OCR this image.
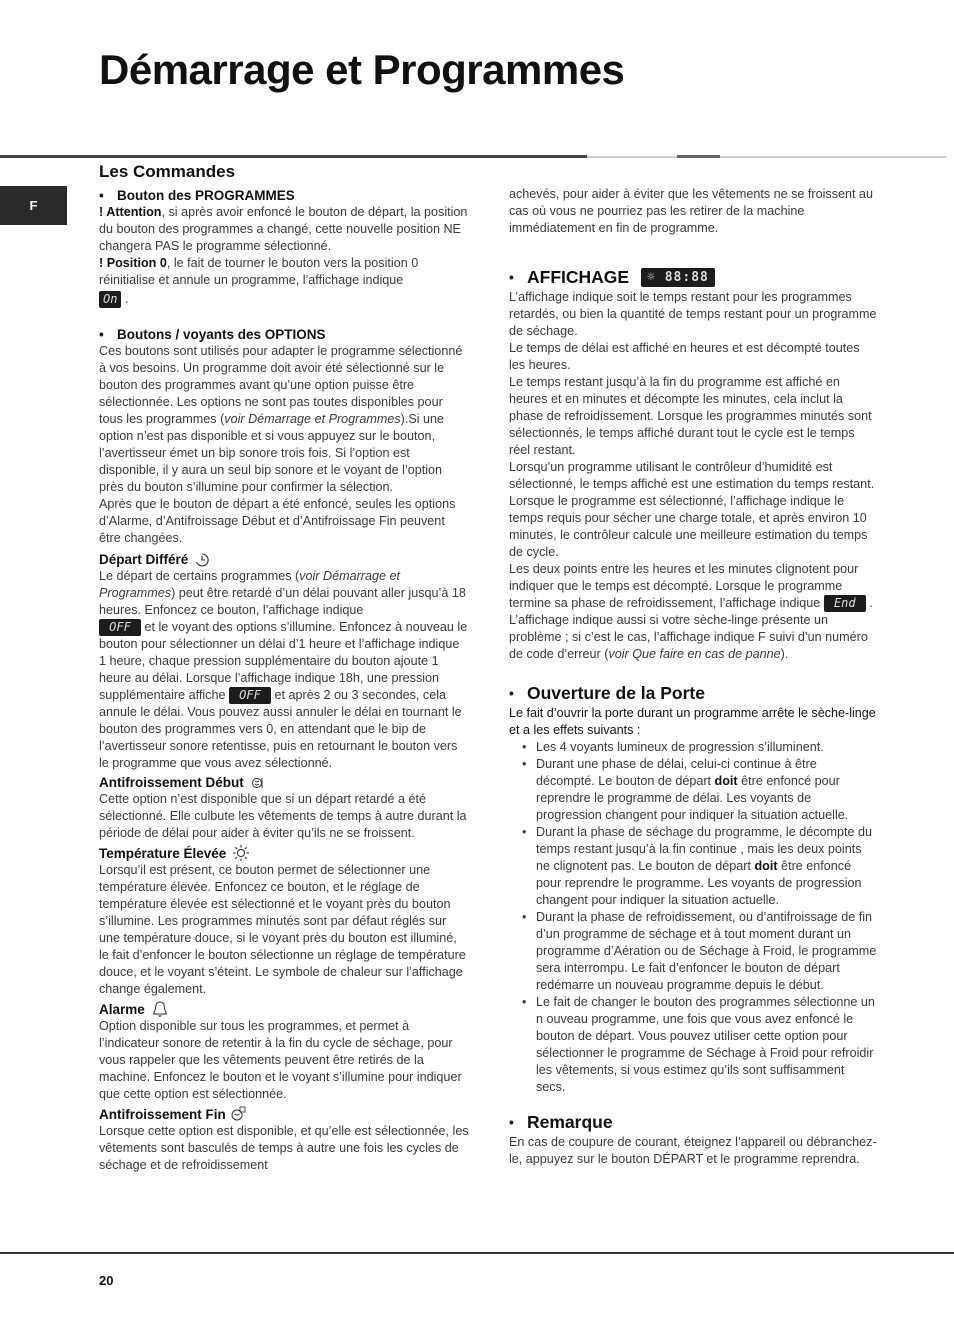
Démarrage et Programmes
F
Les Commandes

• Bouton des PROGRAMMES

! Attention, si après avoir enfoncé le bouton de départ, la position du bouton des programmes a changé, cette nouvelle position NE changera PAS le programme sélectionné.

! Position 0, le fait de tourner le bouton vers la position 0 réinitialise et annule un programme, l’affichage indique
On .

• Boutons / voyants des OPTIONS

Ces boutons sont utilisés pour adapter le programme sélectionné à vos besoins. Un programme doit avoir été sélectionné sur le bouton des programmes avant qu’une option puisse être sélectionnée. Les options ne sont pas toutes disponibles pour tous les programmes (voir Démarrage et Programmes).Si une option n’est pas disponible et si vous appuyez sur le bouton, l’avertisseur émet un bip sonore trois fois. Si l’option est disponible, il y aura un seul bip sonore et le voyant de l’option près du bouton s’illumine pour confirmer la sélection.

Après que le bouton de départ a été enfoncé, seules les options d’Alarme, d’Antifroissage Début et d’Antifroissage Fin peuvent être changées.

Départ Différé

Le départ de certains programmes (voir Démarrage et Programmes) peut être retardé d’un délai pouvant aller jusqu’à 18 heures. Enfoncez ce bouton, l’affichage indique
OFF et le voyant des options s’illumine. Enfoncez à nouveau le bouton pour sélectionner un délai d’1 heure et l’affichage indique 1 heure, chaque pression supplémentaire du bouton ajoute 1 heure au délai. Lorsque l’affichage indique 18h, une pression supplémentaire affiche OFF et après 2 ou 3 secondes, cela annule le délai. Vous pouvez aussi annuler le délai en tournant le bouton des programmes vers 0, en attendant que le bip de l’avertisseur sonore retentisse, puis en retournant le bouton vers le programme que vous avez sélectionné.

Antifroissement Début

Cette option n’est disponible que si un départ retardé a été sélectionné. Elle culbute les vêtements de temps à autre durant la période de délai pour aider à éviter qu’ils ne se froissent.

Température Élevée

Lorsqu’il est présent, ce bouton permet de sélectionner une température élevée. Enfoncez ce bouton, et le réglage de température élevée est sélectionné et le voyant près du bouton s’illumine. Les programmes minutés sont par défaut réglés sur une température douce, si le voyant près du bouton est illuminé, le fait d’enfoncer le bouton sélectionne un réglage de température douce, et le voyant s’éteint. Le symbole de chaleur sur l’affichage change également.

Alarme

Option disponible sur tous les programmes, et permet à l’indicateur sonore de retentir à la fin du cycle de séchage, pour vous rappeler que les vêtements peuvent être retirés de la machine. Enfoncez le bouton et le voyant s’illumine pour indiquer que cette option est sélectionnée.

Antifroissement Fin

Lorsque cette option est disponible, et qu’elle est sélectionnée, les vêtements sont basculés de temps à autre une fois les cycles de séchage et de refroidissement

achevés, pour aider à éviter que les vêtements ne se froissent au cas où vous ne pourriez pas les retirer de la machine immédiatement en fin de programme.

• AFFICHAGE	☼ 88:88

L’affichage indique soit le temps restant pour les programmes retardés, ou bien la quantité de temps restant pour un programme de séchage.

Le temps de délai est affiché en heures et est décompté toutes les heures.

Le temps restant jusqu’à la fin du programme est affiché en heures et en minutes et décompte les minutes, cela inclut la phase de refroidissement. Lorsque les programmes minutés sont sélectionnés, le temps affiché durant tout le cycle est le temps réel restant.

Lorsqu’un programme utilisant le contrôleur d’humidité est sélectionné, le temps affiché est une estimation du temps restant. Lorsque le programme est sélectionné, l’affichage indique le temps requis pour sécher une charge totale, et après environ 10 minutes, le contrôleur calcule une meilleure estimation du temps de cycle.

Les deux points entre les heures et les minutes clignotent pour indiquer que le temps est décompté. Lorsque le programme termine sa phase de refroidissement, l’affichage indique End .

L’affichage indique aussi si votre sèche-linge présente un problème ; si c’est le cas, l’affichage indique F suivi d’un numéro de code d’erreur (voir Que faire en cas de panne).

• Ouverture de la Porte

Le fait d’ouvrir la porte durant un programme arrête le sèche-linge et a les effets suivants :

• Les 4 voyants lumineux de progression s’illuminent.
• Durant une phase de délai, celui-ci continue à être décompté. Le bouton de départ doit être enfoncé pour reprendre le programme de délai. Les voyants de progression changent pour indiquer la situation actuelle.
• Durant la phase de séchage du programme, le décompte du temps restant jusqu’à la fin continue , mais les deux points ne clignotent pas. Le bouton de départ doit être enfoncé pour reprendre le programme. Les voyants de progression changent pour indiquer la situation actuelle.
• Durant la phase de refroidissement, ou d’antifroissage de fin d’un programme de séchage et à tout moment durant un programme d’Aération ou de Séchage à Froid, le programme sera interrompu. Le fait d’enfoncer le bouton de départ redémarre un nouveau programme depuis le début.
• Le fait de changer le bouton des programmes sélectionne un n ouveau programme, une fois que vous avez enfoncé le bouton de départ. Vous pouvez utiliser cette option pour sélectionner le programme de Séchage à Froid pour refroidir les vêtements, si vous estimez qu’ils sont suffisamment secs.
• Remarque

En cas de coupure de courant, éteignez l’appareil ou débranchez-le, appuyez sur le bouton DÉPART et le programme reprendra.

20
